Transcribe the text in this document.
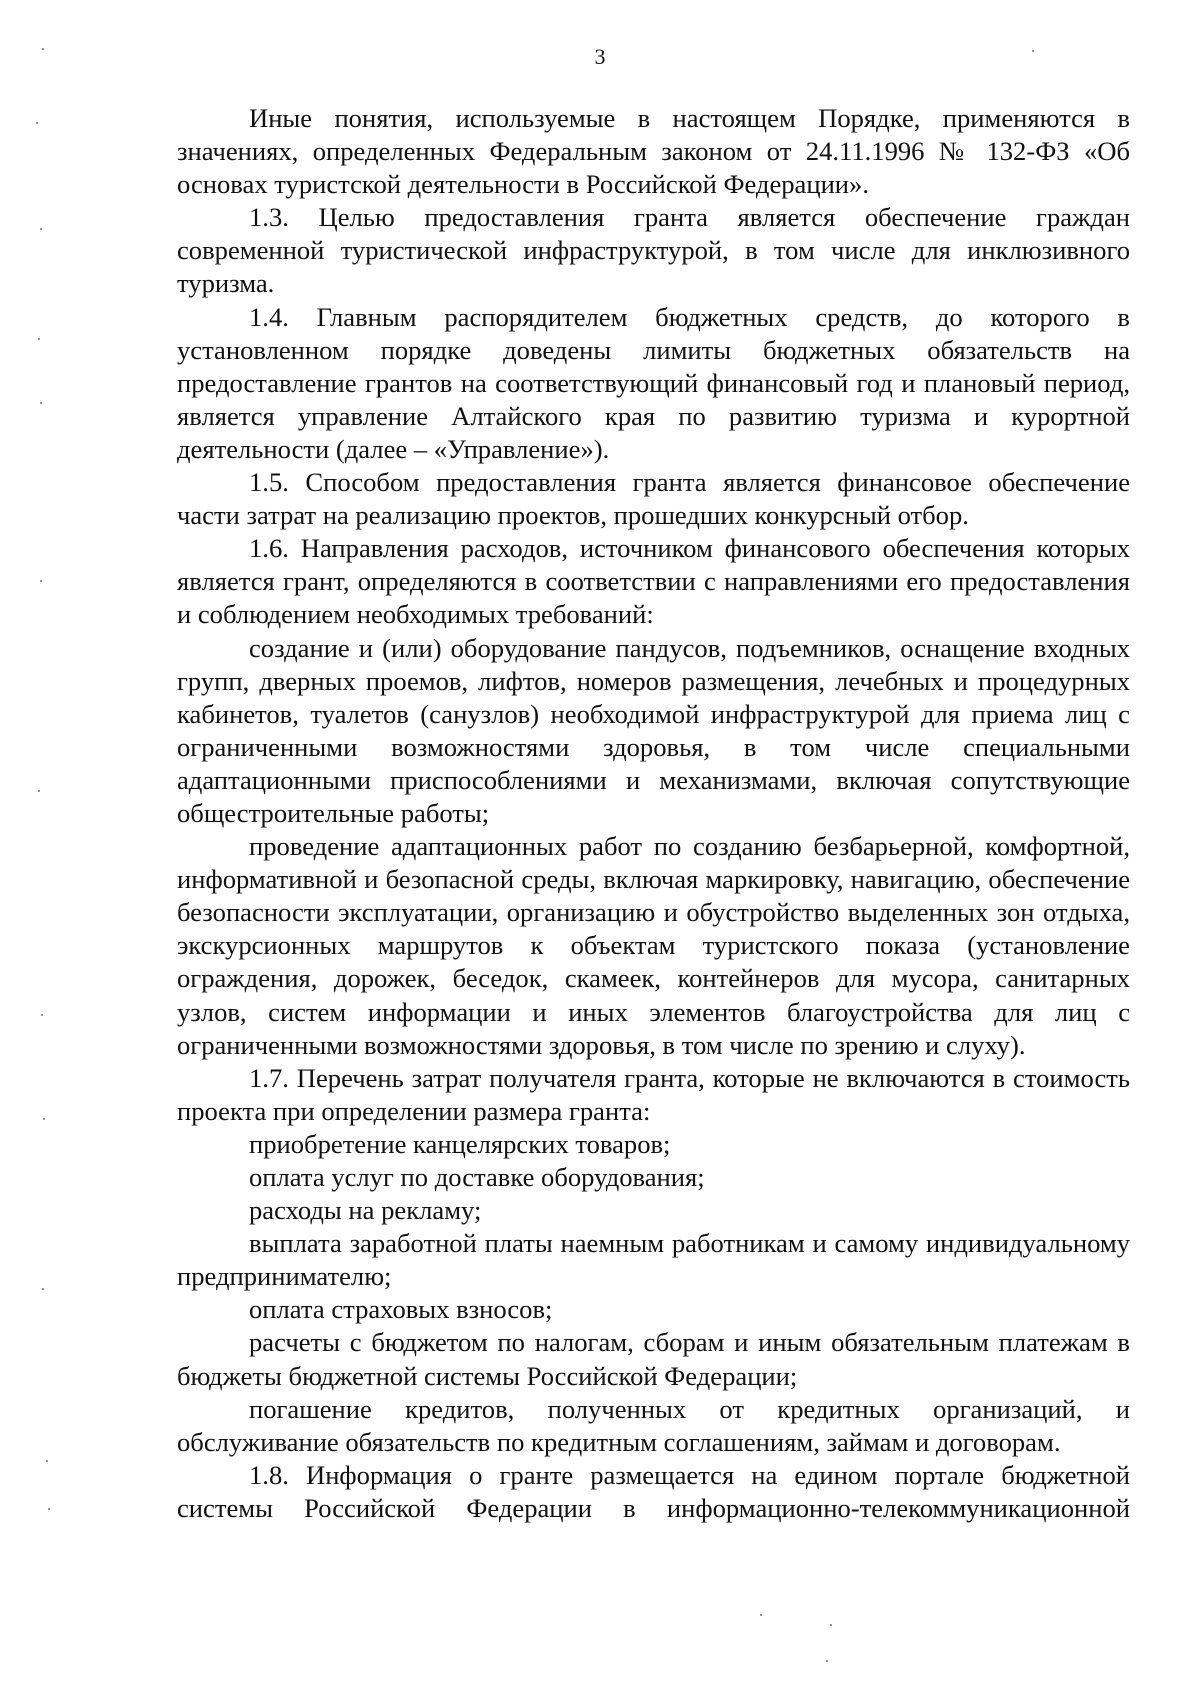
3

Иные понятия, используемые в настоящем Порядке, применяются в значениях, определенных Федеральным законом от 24.11.1996 № 132-ФЗ «Об основах туристской деятельности в Российской Федерации».

1.3. Целью предоставления гранта является обеспечение граждан современной туристической инфраструктурой, в том числе для инклюзивного туризма.

1.4. Главным распорядителем бюджетных средств, до которого в установленном порядке доведены лимиты бюджетных обязательств на предоставление грантов на соответствующий финансовый год и плановый период, является управление Алтайского края по развитию туризма и курортной деятельности (далее – «Управление»).

1.5. Способом предоставления гранта является финансовое обеспечение части затрат на реализацию проектов, прошедших конкурсный отбор.

1.6. Направления расходов, источником финансового обеспечения которых является грант, определяются в соответствии с направлениями его предоставления и соблюдением необходимых требований:

создание и (или) оборудование пандусов, подъемников, оснащение входных групп, дверных проемов, лифтов, номеров размещения, лечебных и процедурных кабинетов, туалетов (санузлов) необходимой инфраструктурой для приема лиц с ограниченными возможностями здоровья, в том числе специальными адаптационными приспособлениями и механизмами, включая сопутствующие общестроительные работы;

проведение адаптационных работ по созданию безбарьерной, комфортной, информативной и безопасной среды, включая маркировку, навигацию, обеспечение безопасности эксплуатации, организацию и обустройство выделенных зон отдыха, экскурсионных маршрутов к объектам туристского показа (установление ограждения, дорожек, беседок, скамеек, контейнеров для мусора, санитарных узлов, систем информации и иных элементов благоустройства для лиц с ограниченными возможностями здоровья, в том числе по зрению и слуху).

1.7. Перечень затрат получателя гранта, которые не включаются в стоимость проекта при определении размера гранта:

приобретение канцелярских товаров;

оплата услуг по доставке оборудования;

расходы на рекламу;

выплата заработной платы наемным работникам и самому индивидуальному предпринимателю;

оплата страховых взносов;

расчеты с бюджетом по налогам, сборам и иным обязательным платежам в бюджеты бюджетной системы Российской Федерации;

погашение кредитов, полученных от кредитных организаций, и обслуживание обязательств по кредитным соглашениям, займам и договорам.

1.8. Информация о гранте размещается на едином портале бюджетной системы Российской Федерации в информационно-телекоммуникационной
